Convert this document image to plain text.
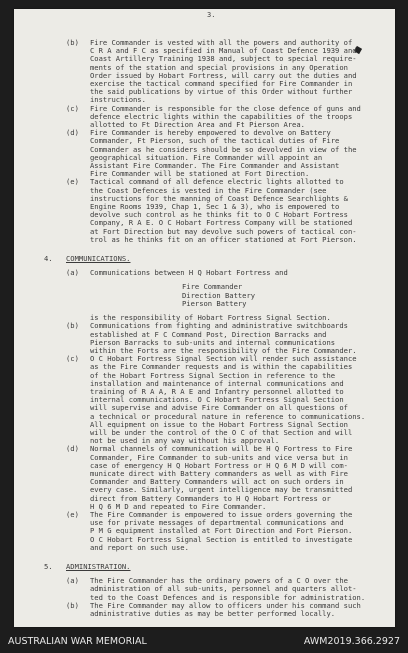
3.
(b)	Fire Commander is vested with all the powers and authority of
C R A and F C as specified in Manual of Coast Defence 1939 and
Coast Artillery Training 1938 and, subject to special require-
ments of the station and special provisions in any Operation
Order issued by Hobart Fortress, will carry out the duties and
exercise the tactical command specified for Fire Commander in
the said publications by virtue of this Order without further
instructions.
(c)	Fire Commander is responsible for the close defence of guns and
defence electric lights within the capabilities of the troops
allotted to Ft Direction Area and Ft Pierson Area.
(d)	Fire Commander is hereby empowered to devolve on Battery
Commander, Ft Pierson, such of the tactical duties of Fire
Commander as he considers should be so devolved in view of the
geographical situation. Fire Commander will appoint an
Assistant Fire Commander. The Fire Commander and Assistant
Fire Commander will be stationed at Fort Direction.
(e)	Tactical command of all defence electric lights allotted to
the Coast Defences is vested in the Fire Commander (see
instructions for the manning of Coast Defence Searchlights &
Engine Rooms 1939, Chap 1, Sec 1 & 3), who is empowered to
devolve such control as he thinks fit to O C Hobart Fortress
Company, R A E. O C Hobart Fortress Company will be stationed
at Fort Direction but may devolve such powers of tactical con-
trol as he thinks fit on an officer stationed at Fort Pierson.
4.	COMMUNICATIONS.
(a)	Communications between H Q Hobart Fortress and
Fire Commander
Direction Battery
Pierson Battery
is the responsibility of Hobart Fortress Signal Section.
(b)	Communications from fighting and administrative switchboards
established at F C Command Post, Direction Barracks and
Pierson Barracks to sub-units and internal communications
within the Forts are the responsibility of the Fire Commander.
(c)	O C Hobart Fortress Signal Section will render such assistance
as the Fire Commander requests and is within the capabilities
of the Hobart Fortress Signal Section in reference to the
installation and maintenance of internal communications and
training of R A A, R A E and Infantry personnel allotted to
internal communications. O C Hobart Fortress Signal Section
will supervise and advise Fire Commander on all questions of
a technical or procedural nature in reference to communications.
All equipment on issue to the Hobart Fortress Signal Section
will be under the control of the O C of that Section and will
not be used in any way without his approval.
(d)	Normal channels of communication will be H Q Fortress to Fire
Commander, Fire Commander to sub-units and vice versa but in
case of emergency H Q Hobart Fortress or H Q 6 M D will com-
municate direct with Battery commanders as well as with Fire
Commander and Battery Commanders will act on such orders in
every case. Similarly, urgent intelligence may be transmitted
direct from Battery Commanders to H Q Hobart Fortress or
H Q 6 M D and repeated to Fire Commander.
(e)	The Fire Commander is empowered to issue orders governing the
use for private messages of departmental communications and
P M G equipment installed at Fort Direction and Fort Pierson.
O C Hobart Fortress Signal Section is entitled to investigate
and report on such use.
5.	ADMINISTRATION.
(a)	The Fire Commander has the ordinary powers of a C O over the
administration of all sub-units, personnel and quarters allot-
ted to the Coast Defences and is responsible for administration.
(b)	The Fire Commander may allow to officers under his command such
administrative duties as may be better performed locally.
AUSTRALIAN WAR MEMORIAL	AWM2019.366.2927
